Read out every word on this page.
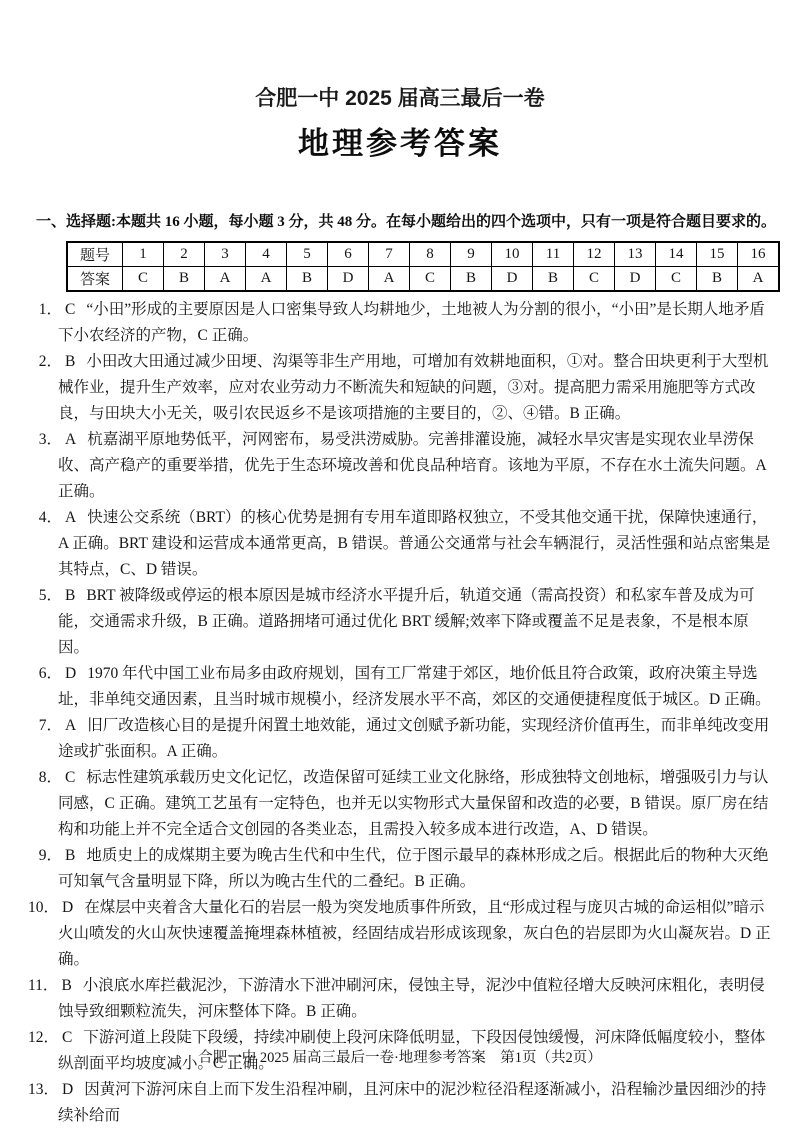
合肥一中 2025 届高三最后一卷
地理参考答案
一、选择题:本题共 16 小题，每小题 3 分，共 48 分。在每小题给出的四个选项中，只有一项是符合题目要求的。
题号	1	2	3	4	5	6	7	8	9	10	11	12	13	14	15	16
答案	C	B	A	A	B	D	A	C	B	D	B	C	D	C	B	A
1． C “小田”形成的主要原因是人口密集导致人均耕地少，土地被人为分割的很小，“小田”是长期人地矛盾下小农经济的产物，C 正确。
2． B 小田改大田通过减少田埂、沟渠等非生产用地，可增加有效耕地面积，①对。整合田块更利于大型机械作业，提升生产效率，应对农业劳动力不断流失和短缺的问题，③对。提高肥力需采用施肥等方式改良，与田块大小无关，吸引农民返乡不是该项措施的主要目的，②、④错。B 正确。
3． A 杭嘉湖平原地势低平，河网密布，易受洪涝威胁。完善排灌设施，减轻水旱灾害是实现农业旱涝保收、高产稳产的重要举措，优先于生态环境改善和优良品种培育。该地为平原，不存在水土流失问题。A 正确。
4． A 快速公交系统（BRT）的核心优势是拥有专用车道即路权独立，不受其他交通干扰，保障快速通行，A 正确。BRT 建设和运营成本通常更高，B 错误。普通公交通常与社会车辆混行，灵活性强和站点密集是其特点，C、D 错误。
5． B BRT 被降级或停运的根本原因是城市经济水平提升后，轨道交通（需高投资）和私家车普及成为可能，交通需求升级，B 正确。道路拥堵可通过优化 BRT 缓解;效率下降或覆盖不足是表象，不是根本原因。
6． D 1970 年代中国工业布局多由政府规划，国有工厂常建于郊区，地价低且符合政策，政府决策主导选址，非单纯交通因素，且当时城市规模小，经济发展水平不高，郊区的交通便捷程度低于城区。D 正确。
7． A 旧厂改造核心目的是提升闲置土地效能，通过文创赋予新功能，实现经济价值再生，而非单纯改变用途或扩张面积。A 正确。
8． C 标志性建筑承载历史文化记忆，改造保留可延续工业文化脉络，形成独特文创地标，增强吸引力与认同感，C 正确。建筑工艺虽有一定特色，也并无以实物形式大量保留和改造的必要，B 错误。原厂房在结构和功能上并不完全适合文创园的各类业态，且需投入较多成本进行改造，A、D 错误。
9． B 地质史上的成煤期主要为晚古生代和中生代，位于图示最早的森林形成之后。根据此后的物种大灭绝可知氧气含量明显下降，所以为晚古生代的二叠纪。B 正确。
10． D 在煤层中夹着含大量化石的岩层一般为突发地质事件所致，且“形成过程与庞贝古城的命运相似”暗示火山喷发的火山灰快速覆盖掩埋森林植被，经固结成岩形成该现象，灰白色的岩层即为火山凝灰岩。D 正确。
11． B 小浪底水库拦截泥沙，下游清水下泄冲刷河床，侵蚀主导，泥沙中值粒径增大反映河床粗化，表明侵蚀导致细颗粒流失，河床整体下降。B 正确。
12． C 下游河道上段陡下段缓，持续冲刷使上段河床降低明显，下段因侵蚀缓慢，河床降低幅度较小，整体纵剖面平均坡度减小。C 正确。
13． D 因黄河下游河床自上而下发生沿程冲刷，且河床中的泥沙粒径沿程逐渐减小，沿程输沙量因细沙的持续补给而
合肥一中 2025 届高三最后一卷·地理参考答案　第1页（共2页）
